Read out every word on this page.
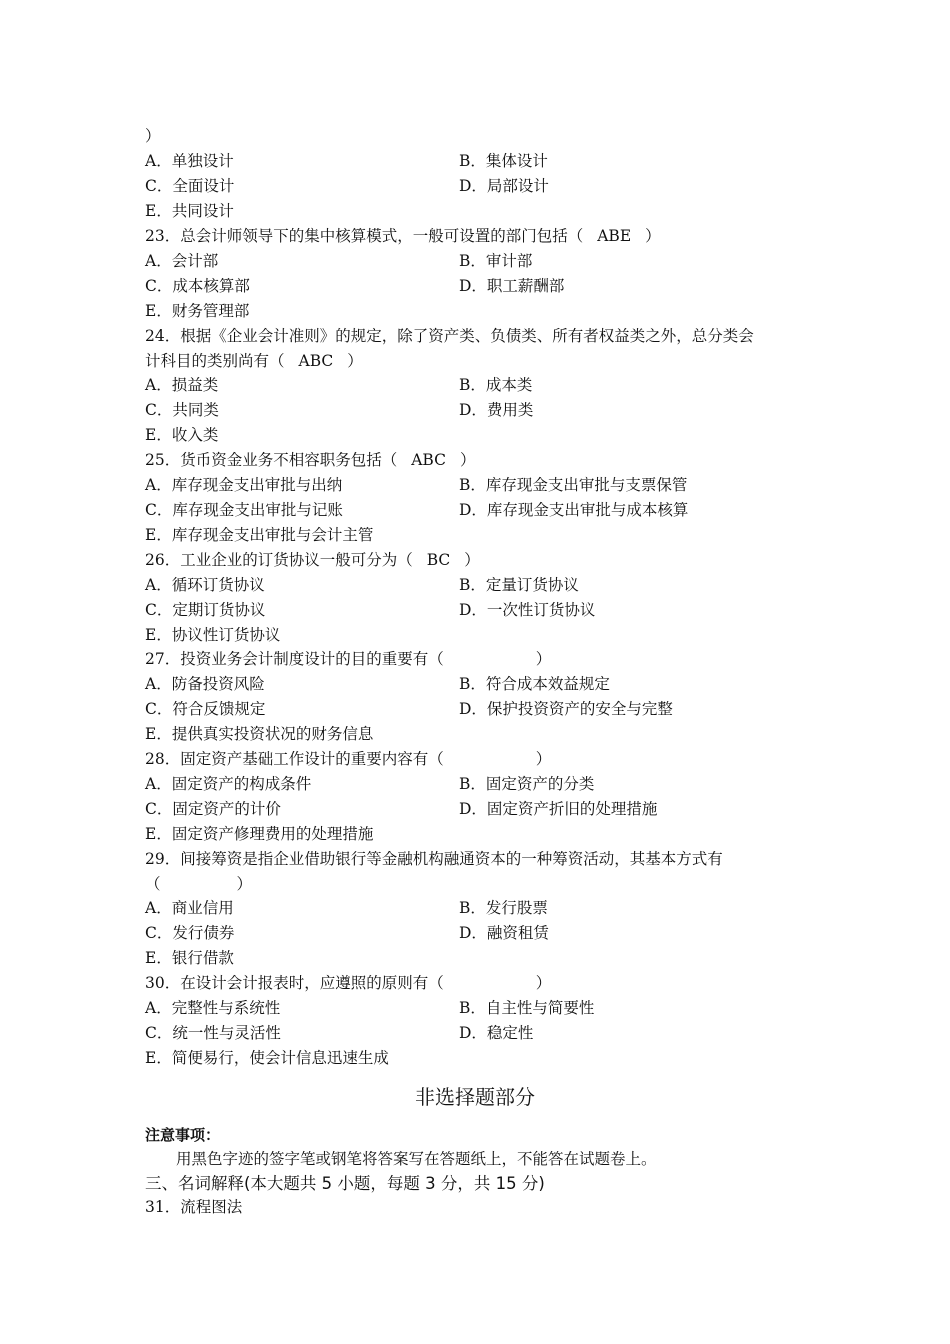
）
A．单独设计	B．集体设计
C．全面设计	D．局部设计
E．共同设计
23．总会计师领导下的集中核算模式，一般可设置的部门包括（ ABE ）
A．会计部	B．审计部
C．成本核算部	D．职工薪酬部
E．财务管理部
24．根据《企业会计准则》的规定，除了资产类、负债类、所有者权益类之外，总分类会
计科目的类别尚有（ ABC ）
A．损益类	B．成本类
C．共同类	D．费用类
E．收入类
25．货币资金业务不相容职务包括（ ABC ）
A．库存现金支出审批与出纳	B．库存现金支出审批与支票保管
C．库存现金支出审批与记账	D．库存现金支出审批与成本核算
E．库存现金支出审批与会计主管
26．工业企业的订货协议一般可分为（ BC ）
A．循环订货协议	B．定量订货协议
C．定期订货协议	D．一次性订货协议
E．协议性订货协议
27．投资业务会计制度设计的目的重要有（	）
A．防备投资风险	B．符合成本效益规定
C．符合反馈规定	D．保护投资资产的安全与完整
E．提供真实投资状况的财务信息
28．固定资产基础工作设计的重要内容有（	）
A．固定资产的构成条件	B．固定资产的分类
C．固定资产的计价	D．固定资产折旧的处理措施
E．固定资产修理费用的处理措施
29．间接筹资是指企业借助银行等金融机构融通资本的一种筹资活动，其基本方式有
（	）
A．商业信用	B．发行股票
C．发行债券	D．融资租赁
E．银行借款
30．在设计会计报表时，应遵照的原则有（	）
A．完整性与系统性	B．自主性与简要性
C．统一性与灵活性	D．稳定性
E．简便易行，使会计信息迅速生成
非选择题部分
注意事项：
用黑色字迹的签字笔或钢笔将答案写在答题纸上，不能答在试题卷上。
三、名词解释(本大题共 5 小题，每题 3 分，共 15 分)
31．流程图法
